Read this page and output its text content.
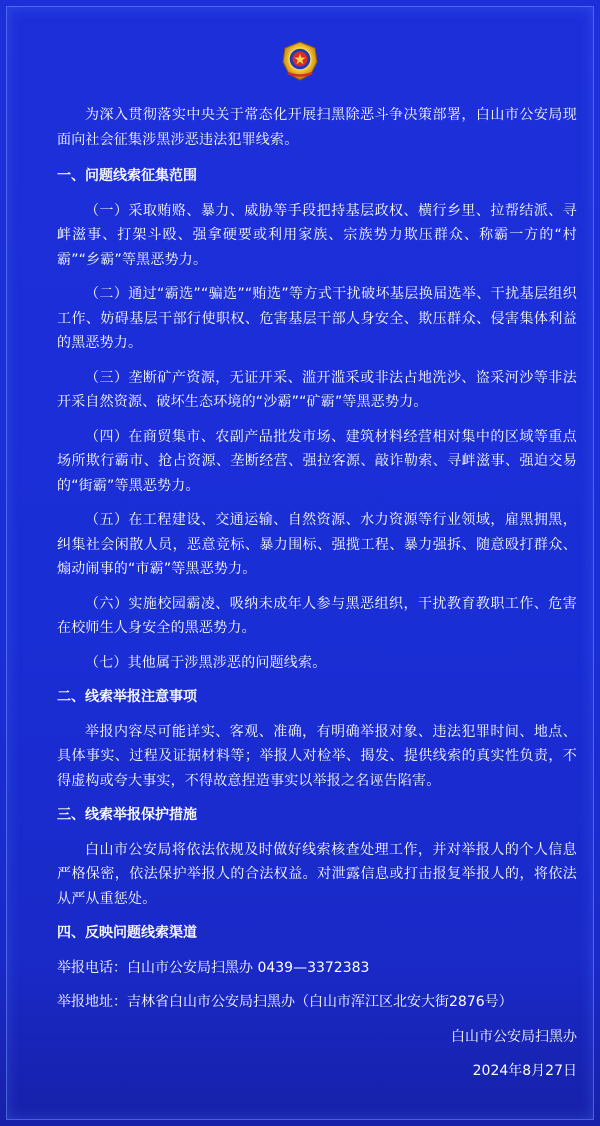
为深入贯彻落实中央关于常态化开展扫黑除恶斗争决策部署，白山市公安局现面向社会征集涉黑涉恶违法犯罪线索。

一、问题线索征集范围

（一）采取贿赂、暴力、威胁等手段把持基层政权、横行乡里、拉帮结派、寻衅滋事、打架斗殴、强拿硬要或利用家族、宗族势力欺压群众、称霸一方的“村霸”“乡霸”等黑恶势力。

（二）通过“霸选”“骗选”“贿选”等方式干扰破坏基层换届选举、干扰基层组织工作、妨碍基层干部行使职权、危害基层干部人身安全、欺压群众、侵害集体利益的黑恶势力。

（三）垄断矿产资源，无证开采、滥开滥采或非法占地洗沙、盗采河沙等非法开采自然资源、破坏生态环境的“沙霸”“矿霸”等黑恶势力。

（四）在商贸集市、农副产品批发市场、建筑材料经营相对集中的区域等重点场所欺行霸市、抢占资源、垄断经营、强拉客源、敲诈勒索、寻衅滋事、强迫交易的“街霸”等黑恶势力。

（五）在工程建设、交通运输、自然资源、水力资源等行业领域，雇黑拥黑，纠集社会闲散人员，恶意竞标、暴力围标、强揽工程、暴力强拆、随意殴打群众、煽动闹事的“市霸”等黑恶势力。

（六）实施校园霸凌、吸纳未成年人参与黑恶组织，干扰教育教职工作、危害在校师生人身安全的黑恶势力。

（七）其他属于涉黑涉恶的问题线索。

二、线索举报注意事项

举报内容尽可能详实、客观、准确，有明确举报对象、违法犯罪时间、地点、具体事实、过程及证据材料等；举报人对检举、揭发、提供线索的真实性负责，不得虚构或夸大事实，不得故意捏造事实以举报之名诬告陷害。

三、线索举报保护措施

白山市公安局将依法依规及时做好线索核查处理工作，并对举报人的个人信息严格保密，依法保护举报人的合法权益。对泄露信息或打击报复举报人的，将依法从严从重惩处。

四、反映问题线索渠道
举报电话：白山市公安局扫黑办 0439—3372383
举报地址：吉林省白山市公安局扫黑办（白山市浑江区北安大街2876号）
白山市公安局扫黑办
2024年8月27日
